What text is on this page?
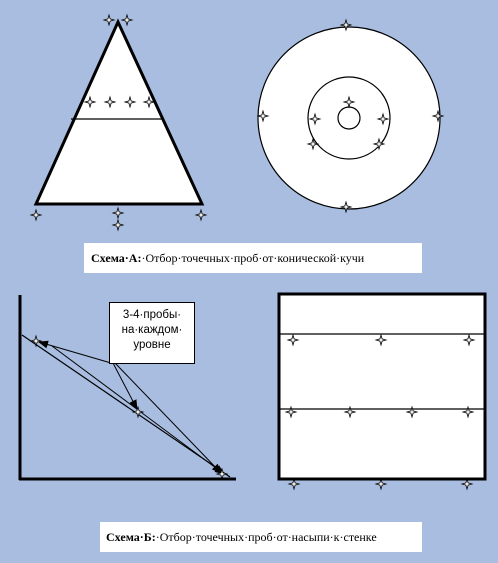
Схема·А:·Отбор·точечных·проб·от·конической·кучи
3-4·пробы·
на·каждом·
уровне
Схема·Б:·Отбор·точечных·проб·от·насыпи·к·стенке
